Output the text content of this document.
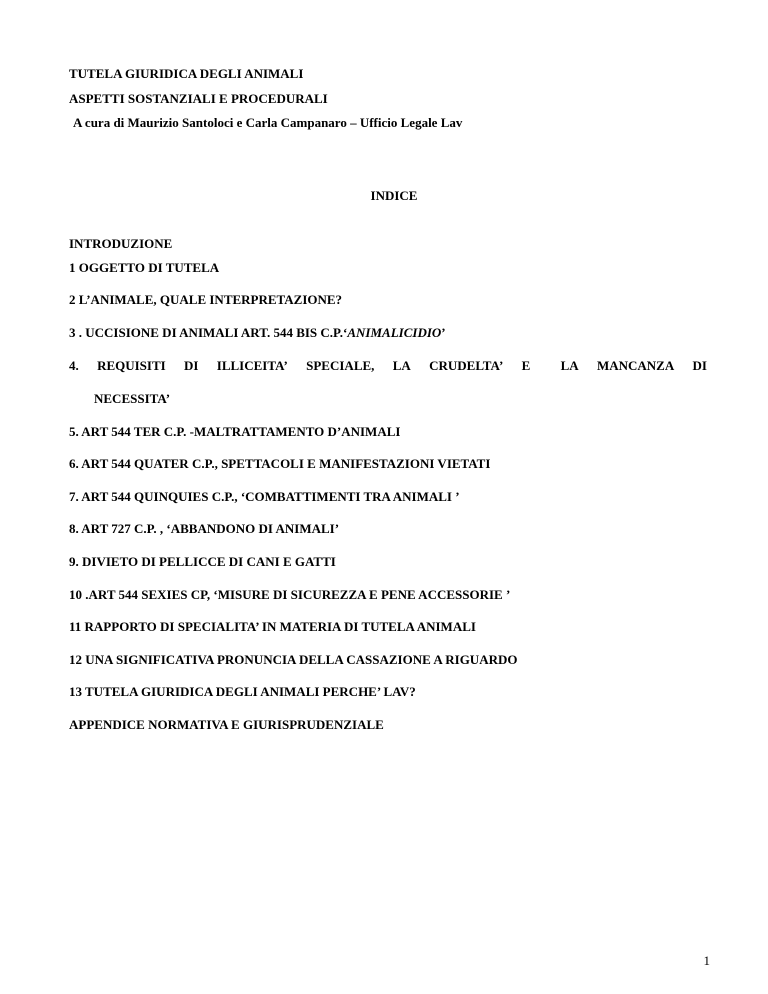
TUTELA GIURIDICA DEGLI ANIMALI
ASPETTI SOSTANZIALI E PROCEDURALI
A cura di Maurizio Santoloci e Carla Campanaro – Ufficio Legale Lav
INDICE
INTRODUZIONE
1 OGGETTO DI TUTELA
2 L’ANIMALE, QUALE INTERPRETAZIONE?
3 . UCCISIONE DI ANIMALI ART. 544 BIS C.P.‘ANIMALICIDIO’
4. REQUISITI DI ILLICEITA’ SPECIALE, LA CRUDELTA’ E LA MANCANZA DI
NECESSITA’
5. ART 544 TER C.P. -MALTRATTAMENTO D’ANIMALI
6. ART 544 QUATER C.P., SPETTACOLI E MANIFESTAZIONI VIETATI
7. ART 544 QUINQUIES C.P., ‘COMBATTIMENTI TRA ANIMALI ’
8. ART 727 C.P. , ‘ABBANDONO DI ANIMALI’
9. DIVIETO DI PELLICCE DI CANI E GATTI
10 .ART 544 SEXIES CP, ‘MISURE DI SICUREZZA E PENE ACCESSORIE ’
11 RAPPORTO DI SPECIALITA’ IN MATERIA DI TUTELA ANIMALI
12 UNA SIGNIFICATIVA PRONUNCIA DELLA CASSAZIONE A RIGUARDO
13 TUTELA GIURIDICA DEGLI ANIMALI PERCHE’ LAV?
APPENDICE NORMATIVA E GIURISPRUDENZIALE
1
